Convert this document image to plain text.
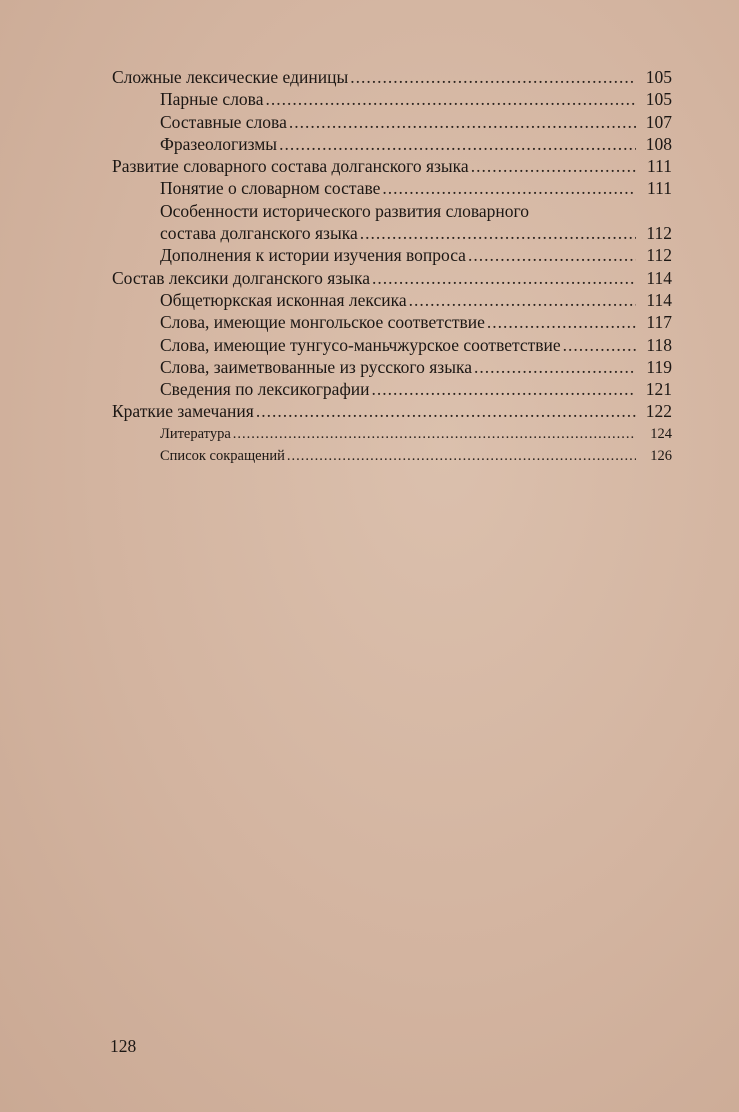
Сложные лексические единицы .....	105
Парные слова .....	105
Составные слова .....	107
Фразеологизмы .....	108
Развитие словарного состава долганского языка .....	111
Понятие о словарном составе .....	111
Особенности исторического развития словарного
состава долганского языка .....	112
Дополнения к истории изучения вопроса .....	112
Состав лексики долганского языка .....	114
Общетюркская исконная лексика .....	114
Слова, имеющие монгольское соответствие .....	117
Слова, имеющие тунгусо-маньчжурское соответствие .....	118
Слова, заиметвованные из русского языка .....	119
Сведения по лексикографии .....	121
Краткие замечания .....	122
Литература .....	124
Список сокращений .....	126
128
